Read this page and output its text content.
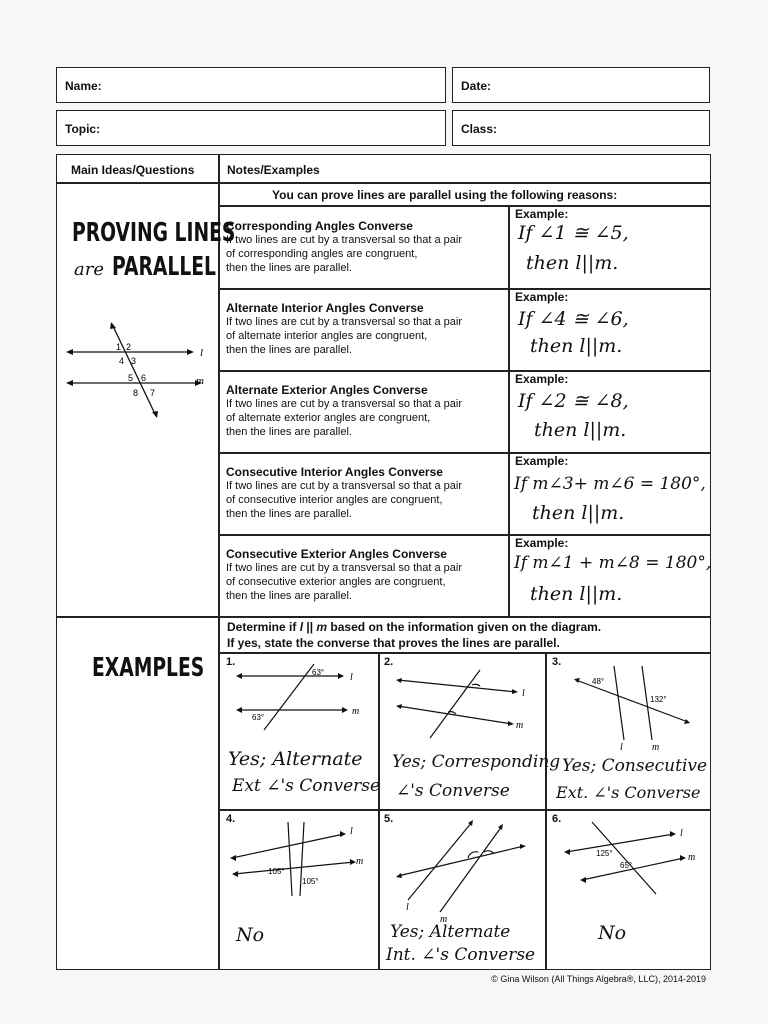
Name:	Date:
Topic:	Class:
Main Ideas/Questions	Notes/Examples
You can prove lines are parallel using the following reasons:
PROVING LINES
are PARALLEL
1 2
4 3
5 6
8 7
l
m
Corresponding Angles Converse
If two lines are cut by a transversal so that a pair
of corresponding angles are congruent,
then the lines are parallel.
Example:
If ∠1 ≅ ∠5,
then l||m.
Alternate Interior Angles Converse
If two lines are cut by a transversal so that a pair
of alternate interior angles are congruent,
then the lines are parallel.
Example:
If ∠4 ≅ ∠6,
then l||m.
Alternate Exterior Angles Converse
If two lines are cut by a transversal so that a pair
of alternate exterior angles are congruent,
then the lines are parallel.
Example:
If ∠2 ≅ ∠8,
then l||m.
Consecutive Interior Angles Converse
If two lines are cut by a transversal so that a pair
of consecutive interior angles are congruent,
then the lines are parallel.
Example:
If m∠3+ m∠6 = 180°,
then l||m.
Consecutive Exterior Angles Converse
If two lines are cut by a transversal so that a pair
of consecutive exterior angles are congruent,
then the lines are parallel.
Example:
If m∠1 + m∠8 = 180°,
then l||m.
EXAMPLES
Determine if l || m based on the information given on the diagram.
If yes, state the converse that proves the lines are parallel.
1.
63°
63°
l
m
Yes; Alternate
Ext ∠'s Converse
2.
l
m
Yes; Corresponding
∠'s Converse
3.
48°
132°
l	m
Yes; Consecutive
Ext. ∠'s Converse
4.
105°
105°
l
m
No
5.
l
m
Yes; Alternate
Int. ∠'s Converse
6.
125°
65°
l
m
No
© Gina Wilson (All Things Algebra®, LLC), 2014-2019
